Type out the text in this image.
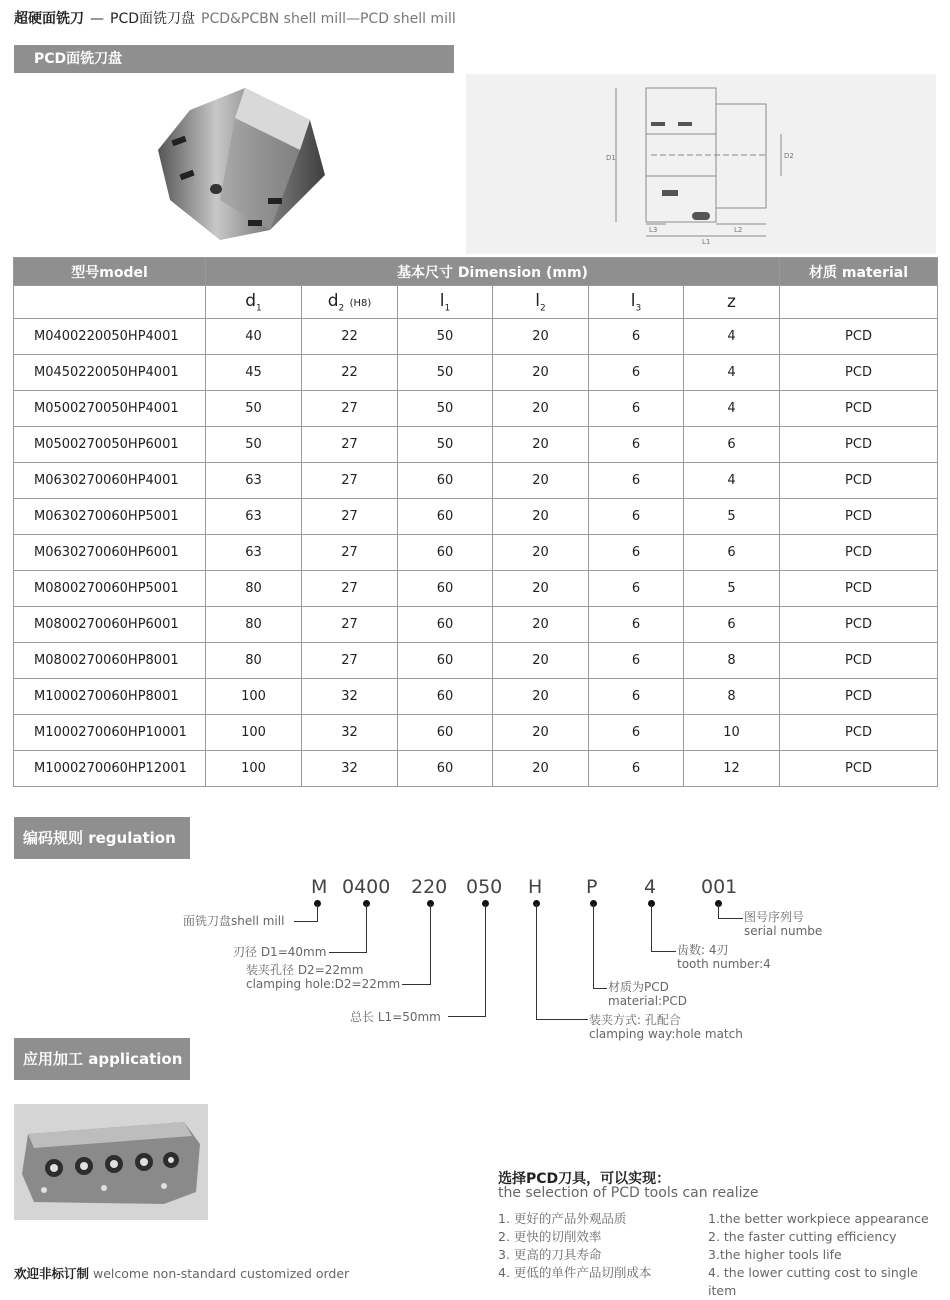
超硬面铣刀 — PCD面铣刀盘 PCD&PCBN shell mill—PCD shell mill
PCD面铣刀盘
L3	L2
L1
D1	D2
型号model	基本尺寸 Dimension (mm)						材质 material
	$d_1$	$d_2$ (H8)	$l_1$	$l_2$	$l_3$	z	
M0400220050HP4001	40	22	50	20	6	4	PCD
M0450220050HP4001	45	22	50	20	6	4	PCD
M0500270050HP4001	50	27	50	20	6	4	PCD
M0500270050HP6001	50	27	50	20	6	6	PCD
M0630270060HP4001	63	27	60	20	6	4	PCD
M0630270060HP5001	63	27	60	20	6	5	PCD
M0630270060HP6001	63	27	60	20	6	6	PCD
M0800270060HP5001	80	27	60	20	6	5	PCD
M0800270060HP6001	80	27	60	20	6	6	PCD
M0800270060HP8001	80	27	60	20	6	8	PCD
M1000270060HP8001	100	32	60	20	6	8	PCD
M1000270060HP10001	100	32	60	20	6	10	PCD
M1000270060HP12001	100	32	60	20	6	12	PCD
编码规则 regulation
M 0400 220 050 H P 4 001
面铣刀盘shell mill
刃径 D1=40mm
装夹孔径 D2=22mm
clamping hole:D2=22mm
总长 L1=50mm	装夹方式: 孔配合
clamping way:hole match
材质为PCD
material:PCD
齿数: 4刃
tooth number:4
图号序列号
serial numbe
应用加工 application
选择PCD刀具，可以实现：
the selection of PCD tools can realize
1. 更好的产品外观品质
2. 更快的切削效率
3. 更高的刀具寿命
4. 更低的单件产品切削成本
1.the better workpiece appearance
2. the faster cutting efficiency
3.the higher tools life
4. the lower cutting cost to single item
欢迎非标订制 welcome non-standard customized order
